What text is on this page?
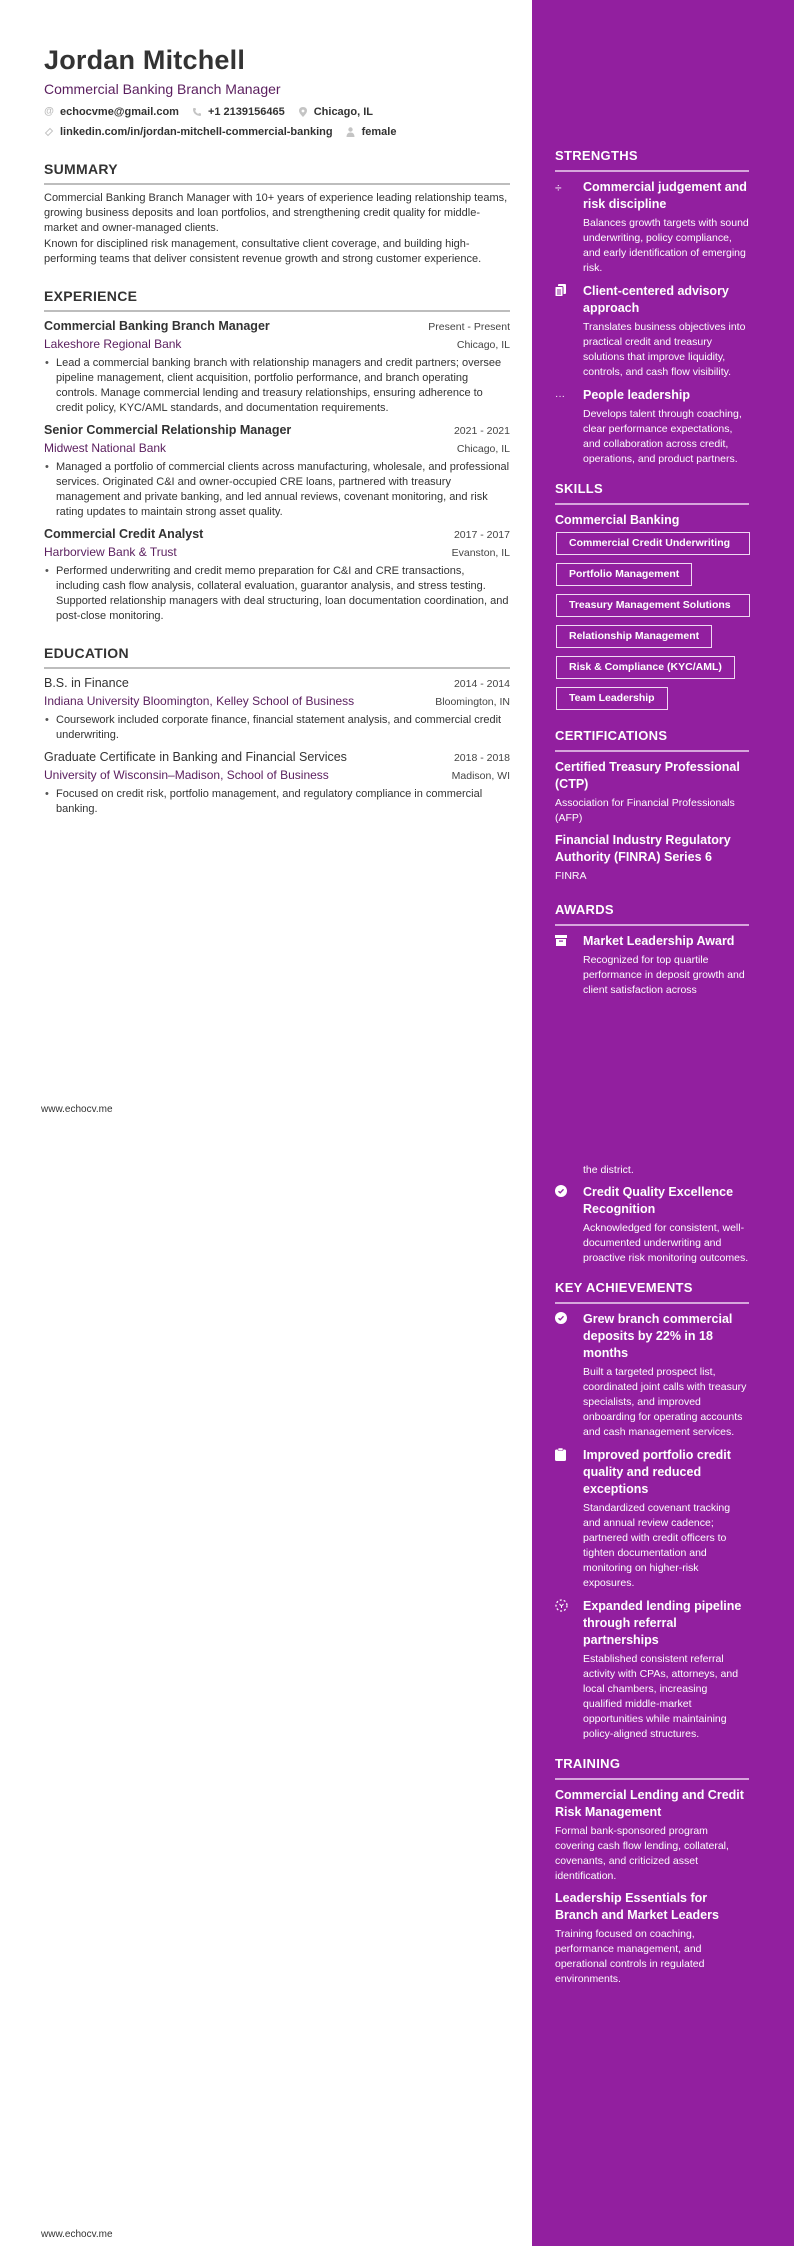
Jordan Mitchell
Commercial Banking Branch Manager
@ echocvme@gmail.com	+1 2139156465	Chicago, IL
linkedin.com/in/jordan-mitchell-commercial-banking	female
SUMMARY

Commercial Banking Branch Manager with 10+ years of experience leading relationship teams, growing business deposits and loan portfolios, and strengthening credit quality for middle-market and owner-managed clients.

Known for disciplined risk management, consultative client coverage, and building high-performing teams that deliver consistent revenue growth and strong customer experience.

EXPERIENCE
Commercial Banking Branch Manager	Present - Present
Lakeshore Regional Bank	Chicago, IL
• Lead a commercial banking branch with relationship managers and credit partners; oversee pipeline management, client acquisition, portfolio performance, and branch operating controls. Manage commercial lending and treasury relationships, ensuring adherence to credit policy, KYC/AML standards, and documentation requirements.
Senior Commercial Relationship Manager	2021 - 2021
Midwest National Bank	Chicago, IL
• Managed a portfolio of commercial clients across manufacturing, wholesale, and professional services. Originated C&I and owner-occupied CRE loans, partnered with treasury management and private banking, and led annual reviews, covenant monitoring, and risk rating updates to maintain strong asset quality.
Commercial Credit Analyst	2017 - 2017
Harborview Bank & Trust	Evanston, IL
• Performed underwriting and credit memo preparation for C&I and CRE transactions, including cash flow analysis, collateral evaluation, guarantor analysis, and stress testing. Supported relationship managers with deal structuring, loan documentation coordination, and post-close monitoring.
EDUCATION
B.S. in Finance	2014 - 2014
Indiana University Bloomington, Kelley School of Business	Bloomington, IN
• Coursework included corporate finance, financial statement analysis, and commercial credit underwriting.
Graduate Certificate in Banking and Financial Services	2018 - 2018
University of Wisconsin–Madison, School of Business	Madison, WI
• Focused on credit risk, portfolio management, and regulatory compliance in commercial banking.
www.echocv.me
www.echocv.me
STRENGTHS
÷	Commercial judgement and risk discipline
Balances growth targets with sound underwriting, policy compliance, and early identification of emerging risk.
Client-centered advisory approach
Translates business objectives into practical credit and treasury solutions that improve liquidity, controls, and cash flow visibility.
···	People leadership
Develops talent through coaching, clear performance expectations, and collaboration across credit, operations, and product partners.
SKILLS
Commercial Banking
Commercial Credit Underwriting
Portfolio Management
Treasury Management Solutions
Relationship Management
Risk & Compliance (KYC/AML)
Team Leadership
CERTIFICATIONS
Certified Treasury Professional (CTP)
Association for Financial Professionals (AFP)
Financial Industry Regulatory Authority (FINRA) Series 6
FINRA
AWARDS
Market Leadership Award
Recognized for top quartile performance in deposit growth and client satisfaction across
the district.
Credit Quality Excellence Recognition
Acknowledged for consistent, well-documented underwriting and proactive risk monitoring outcomes.
KEY ACHIEVEMENTS
Grew branch commercial deposits by 22% in 18 months
Built a targeted prospect list, coordinated joint calls with treasury specialists, and improved onboarding for operating accounts and cash management services.
Improved portfolio credit quality and reduced exceptions
Standardized covenant tracking and annual review cadence; partnered with credit officers to tighten documentation and monitoring on higher-risk exposures.
Expanded lending pipeline through referral partnerships
Established consistent referral activity with CPAs, attorneys, and local chambers, increasing qualified middle-market opportunities while maintaining policy-aligned structures.
TRAINING
Commercial Lending and Credit Risk Management
Formal bank-sponsored program covering cash flow lending, collateral, covenants, and criticized asset identification.
Leadership Essentials for Branch and Market Leaders
Training focused on coaching, performance management, and operational controls in regulated environments.
